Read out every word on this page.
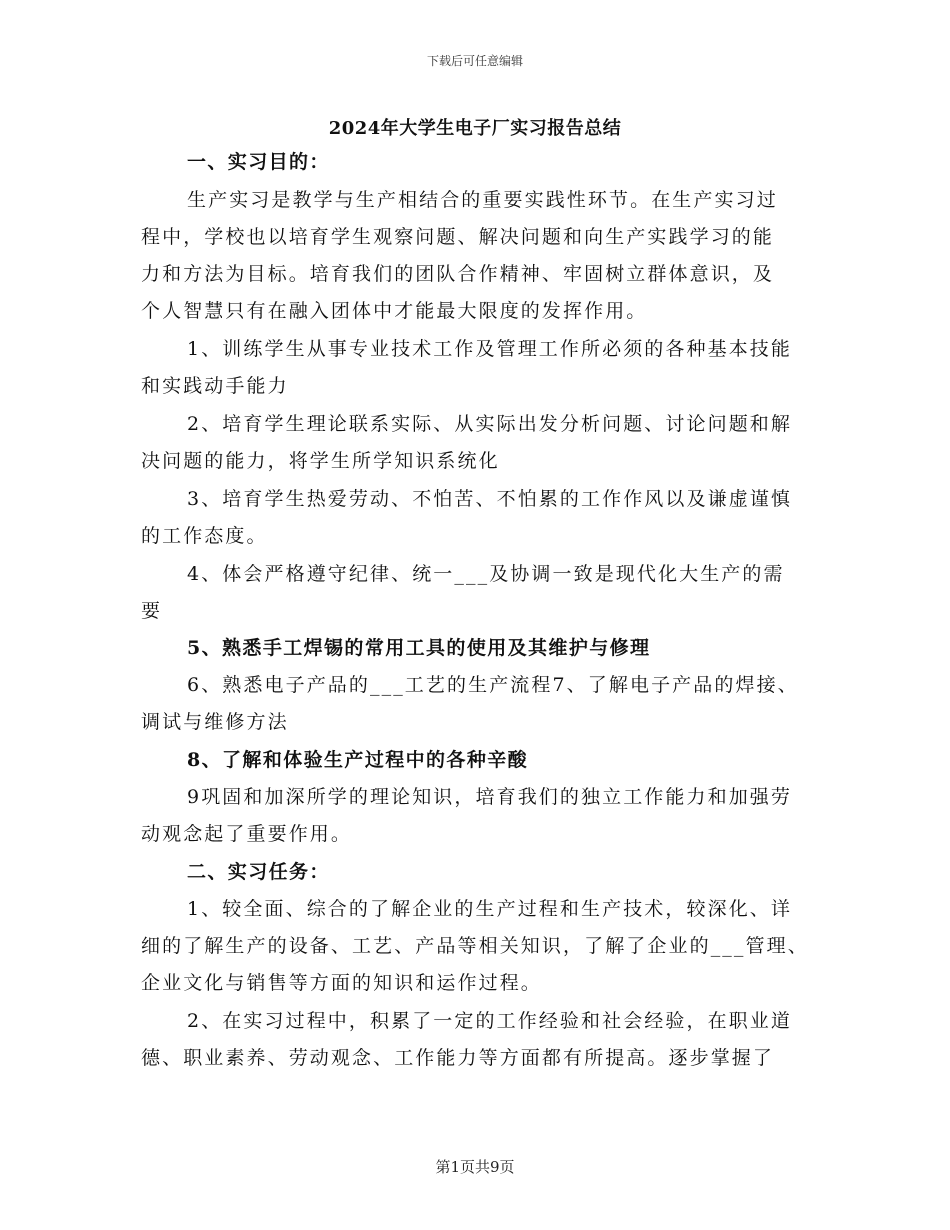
下载后可任意编辑
2024年大学生电子厂实习报告总结
一、实习目的：
生产实习是教学与生产相结合的重要实践性环节。在生产实习过
程中，学校也以培育学生观察问题、解决问题和向生产实践学习的能
力和方法为目标。培育我们的团队合作精神、牢固树立群体意识，及
个人智慧只有在融入团体中才能最大限度的发挥作用。
1、训练学生从事专业技术工作及管理工作所必须的各种基本技能
和实践动手能力
2、培育学生理论联系实际、从实际出发分析问题、讨论问题和解
决问题的能力，将学生所学知识系统化
3、培育学生热爱劳动、不怕苦、不怕累的工作作风以及谦虚谨慎
的工作态度。
4、体会严格遵守纪律、统一___及协调一致是现代化大生产的需
要
5、熟悉手工焊锡的常用工具的使用及其维护与修理
6、熟悉电子产品的___工艺的生产流程7、了解电子产品的焊接、
调试与维修方法
8、了解和体验生产过程中的各种辛酸
9巩固和加深所学的理论知识，培育我们的独立工作能力和加强劳
动观念起了重要作用。
二、实习任务：
1、较全面、综合的了解企业的生产过程和生产技术，较深化、详
细的了解生产的设备、工艺、产品等相关知识，了解了企业的___管理、
企业文化与销售等方面的知识和运作过程。
2、在实习过程中，积累了一定的工作经验和社会经验，在职业道
德、职业素养、劳动观念、工作能力等方面都有所提高。逐步掌握了
第1页共9页
